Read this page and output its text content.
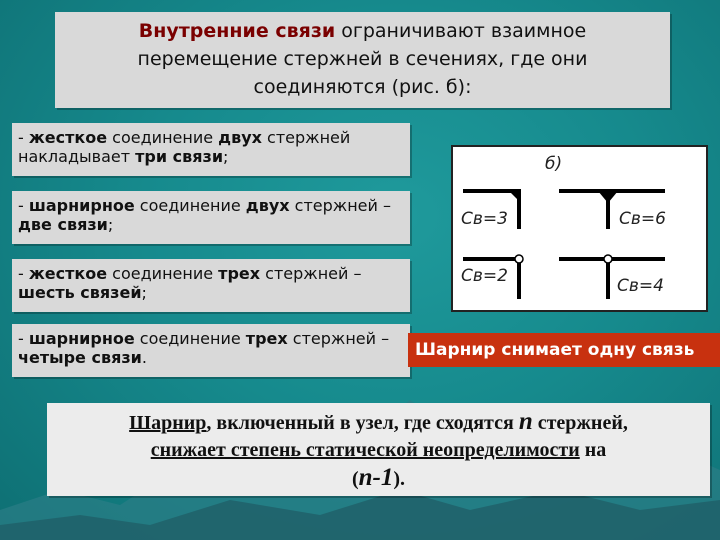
Внутренние связи ограничивают взаимное
перемещение стержней в сечениях, где они
соединяются (рис. б):
- жесткое соединение двух стержней накладывает три связи;
- шарнирное соединение двух стержней – две связи;
- жесткое соединение трех стержней – шесть связей;
- шарнирное соединение трех стержней – четыре связи.
б)
Св=3	Св=6
Св=2	Св=4
Шарнир снимает одну связь
Шарнир, включенный в узел, где сходятся n стержней,
снижает степень статической неопределимости на
(n-1).
